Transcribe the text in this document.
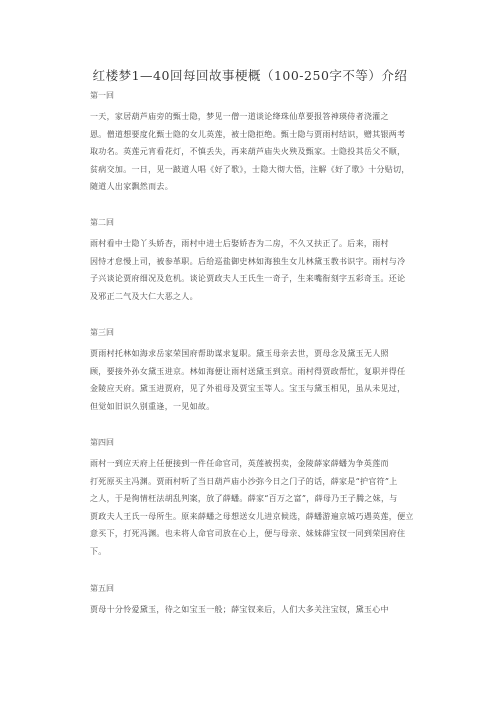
红楼梦1—40回每回故事梗概（100-250字不等）介绍
第一回

一天，家居葫芦庙旁的甄士隐，梦见一僧一道谈论绛珠仙草要报答神瑛侍者浇灌之

恩。僧道想要度化甄士隐的女儿英莲，被士隐拒绝。甄士隐与贾雨村结识，赠其银两考

取功名。英莲元宵看花灯，不慎丢失，再来葫芦庙失火殃及甄家。士隐投其岳父不顺，

贫病交加。一日，见一跛道人唱《好了歌》，士隐大彻大悟，注解《好了歌》十分贴切，

随道人出家飘然而去。

第二回

雨村看中士隐丫头娇杏，雨村中进士后娶娇杏为二房，不久又扶正了。后来，雨村

因恃才怠慢上司，被参革职。后给巡盐御史林如海独生女儿林黛玉教书识字。雨村与冷

子兴谈论贾府细况及危机。谈论贾政夫人王氏生一奇子，生来嘴衔刻字五彩奇玉。还论

及邪正二气及大仁大恶之人。

第三回

贾雨村托林如海求岳家荣国府帮助谋求复职。黛玉母亲去世，贾母念及黛玉无人照

顾，要接外孙女黛玉进京。林如海便让雨村送黛玉到京。雨村得贾政帮忙，复职并得任

金陵应天府。黛玉进贾府，见了外祖母及贾宝玉等人。宝玉与黛玉相见，虽从未见过，

但觉如旧识久别重逢，一见如故。

第四回

雨村一到应天府上任便接到一件任命官司，英莲被拐卖，金陵薛家薛蟠为争英莲而

打死原买主冯渊。贾雨村听了当日葫芦庙小沙弥今日之门子的话，薛家是“护官符”上

之人，于是徇情枉法胡乱判案，放了薛蟠。薛家“百万之富”，薛母乃王子腾之妹，与

贾政夫人王氏一母所生。原来薛蟠之母想送女儿进京候选，薛蟠游遍京城巧遇英莲，便立

意买下，打死冯渊。也未将人命官司放在心上，便与母亲、妹妹薛宝钗一同到荣国府住

下。

第五回

贾母十分怜爱黛玉，待之如宝玉一般；薛宝钗来后，人们大多关注宝钗，黛玉心中
